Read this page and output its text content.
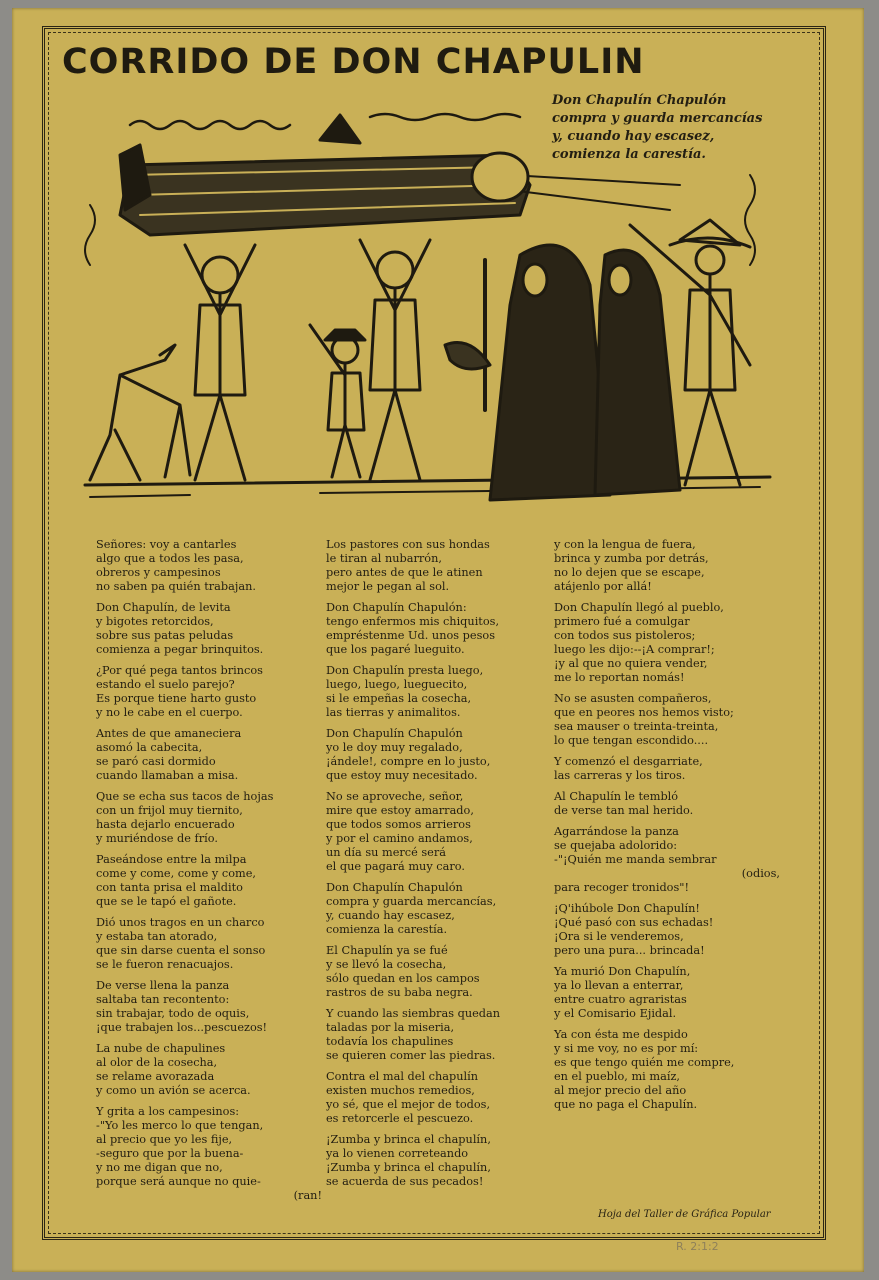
CORRIDO DE DON CHAPULIN
Don Chapulín Chapulón
compra y guarda mercancías
y, cuando hay escasez,
comienza la carestía.
Señores: voy a cantarles
algo que a todos les pasa,
obreros y campesinos
no saben pa quién trabajan.
Don Chapulín, de levita
y bigotes retorcidos,
sobre sus patas peludas
comienza a pegar brinquitos.
¿Por qué pega tantos brincos
estando el suelo parejo?
Es porque tiene harto gusto
y no le cabe en el cuerpo.
Antes de que amaneciera
asomó la cabecita,
se paró casi dormido
cuando llamaban a misa.
Que se echa sus tacos de hojas
con un frijol muy tiernito,
hasta dejarlo encuerado
y muriéndose de frío.
Paseándose entre la milpa
come y come, come y come,
con tanta prisa el maldito
que se le tapó el gañote.
Dió unos tragos en un charco
y estaba tan atorado,
que sin darse cuenta el sonso
se le fueron renacuajos.
De verse llena la panza
saltaba tan recontento:
sin trabajar, todo de oquis,
¡que trabajen los...pescuezos!
La nube de chapulines
al olor de la cosecha,
se relame avorazada
y como un avión se acerca.
Y grita a los campesinos:
-"Yo les merco lo que tengan,
al precio que yo les fije,
-seguro que por la buena-
y no me digan que no,
porque será aunque no quie-
(ran!
Los pastores con sus hondas
le tiran al nubarrón,
pero antes de que le atinen
mejor le pegan al sol.
Don Chapulín Chapulón:
tengo enfermos mis chiquitos,
empréstenme Ud. unos pesos
que los pagaré lueguito.
Don Chapulín presta luego,
luego, luego, lueguecito,
si le empeñas la cosecha,
las tierras y animalitos.
Don Chapulín Chapulón
yo le doy muy regalado,
¡ándele!, compre en lo justo,
que estoy muy necesitado.
No se aproveche, señor,
mire que estoy amarrado,
que todos somos arrieros
y por el camino andamos,
un día su mercé será
el que pagará muy caro.
Don Chapulín Chapulón
compra y guarda mercancías,
y, cuando hay escasez,
comienza la carestía.
El Chapulín ya se fué
y se llevó la cosecha,
sólo quedan en los campos
rastros de su baba negra.
Y cuando las siembras quedan
taladas por la miseria,
todavía los chapulines
se quieren comer las piedras.
Contra el mal del chapulín
existen muchos remedios,
yo sé, que el mejor de todos,
es retorcerle el pescuezo.
¡Zumba y brinca el chapulín,
ya lo vienen correteando
¡Zumba y brinca el chapulín,
se acuerda de sus pecados!
y con la lengua de fuera,
brinca y zumba por detrás,
no lo dejen que se escape,
atájenlo por allá!
Don Chapulín llegó al pueblo,
primero fué a comulgar
con todos sus pistoleros;
luego les dijo:--¡A comprar!;
¡y al que no quiera vender,
me lo reportan nomás!
No se asusten compañeros,
que en peores nos hemos visto;
sea mauser o treinta-treinta,
lo que tengan escondido....
Y comenzó el desgarriate,
las carreras y los tiros.
Al Chapulín le tembló
de verse tan mal herido.
Agarrándose la panza
se quejaba adolorido:
-"¡Quién me manda sembrar
(odios,
para recoger tronidos"!
¡Q'ihúbole Don Chapulín!
¡Qué pasó con sus echadas!
¡Ora si le venderemos,
pero una pura... brincada!
Ya murió Don Chapulín,
ya lo llevan a enterrar,
entre cuatro agraristas
y el Comisario Ejidal.
Ya con ésta me despido
y si me voy, no es por mí:
es que tengo quién me compre,
en el pueblo, mi maíz,
al mejor precio del año
que no paga el Chapulín.
Hoja del Taller de Gráfica Popular
R. 2:1:2
